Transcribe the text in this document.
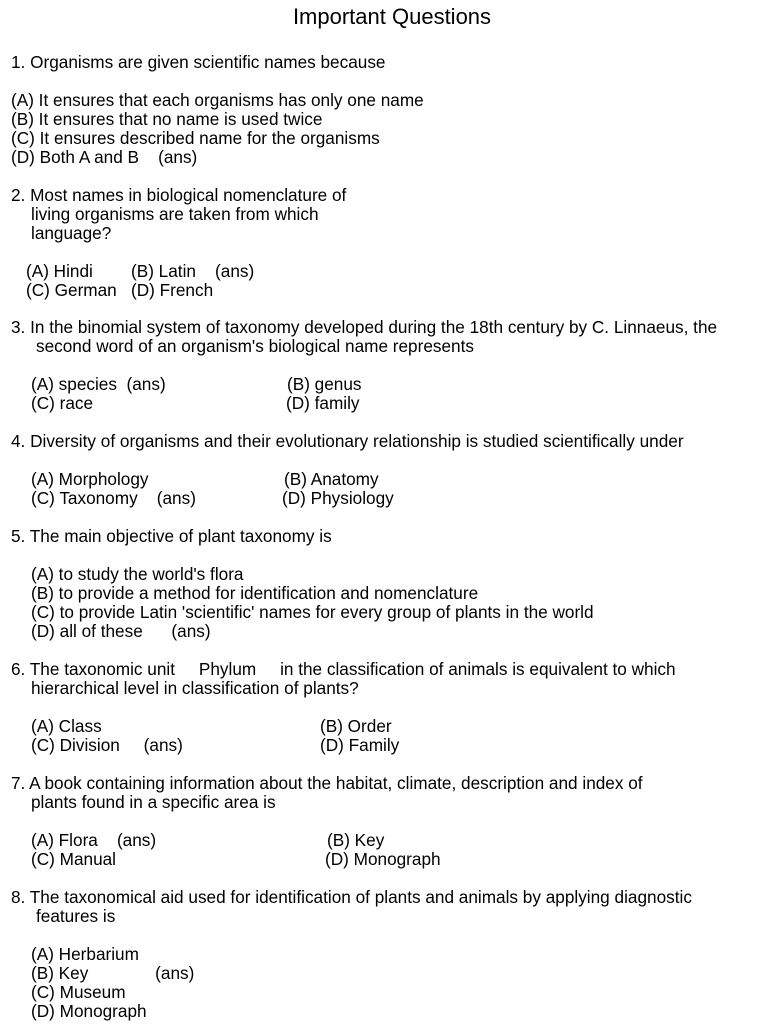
Important Questions
1. Organisms are given scientific names because
(A) It ensures that each organisms has only one name
(B) It ensures that no name is used twice
(C) It ensures described name for the organisms
(D) Both A and B    (ans)
2. Most names in biological nomenclature of
living organisms are taken from which
language?
(A) Hindi (B) Latin    (ans)
(C) German (D) French
3. In the binomial system of taxonomy developed during the 18th century by C. Linnaeus, the
second word of an organism's biological name represents
(A) species  (ans)	(B) genus
(C) race	(D) family
4. Diversity of organisms and their evolutionary relationship is studied scientifically under
(A) Morphology	(B) Anatomy
(C) Taxonomy    (ans)	(D) Physiology
5. The main objective of plant taxonomy is
(A) to study the world's flora
(B) to provide a method for identification and nomenclature
(C) to provide Latin 'scientific' names for every group of plants in the world
(D) all of these      (ans)
6. The taxonomic unit     Phylum     in the classification of animals is equivalent to which
hierarchical level in classification of plants?
(A) Class	(B) Order
(C) Division     (ans)	(D) Family
7. A book containing information about the habitat, climate, description and index of
plants found in a specific area is
(A) Flora    (ans)	(B) Key
(C) Manual	(D) Monograph
8. The taxonomical aid used for identification of plants and animals by applying diagnostic
features is
(A) Herbarium
(B) Key              (ans)
(C) Museum
(D) Monograph
